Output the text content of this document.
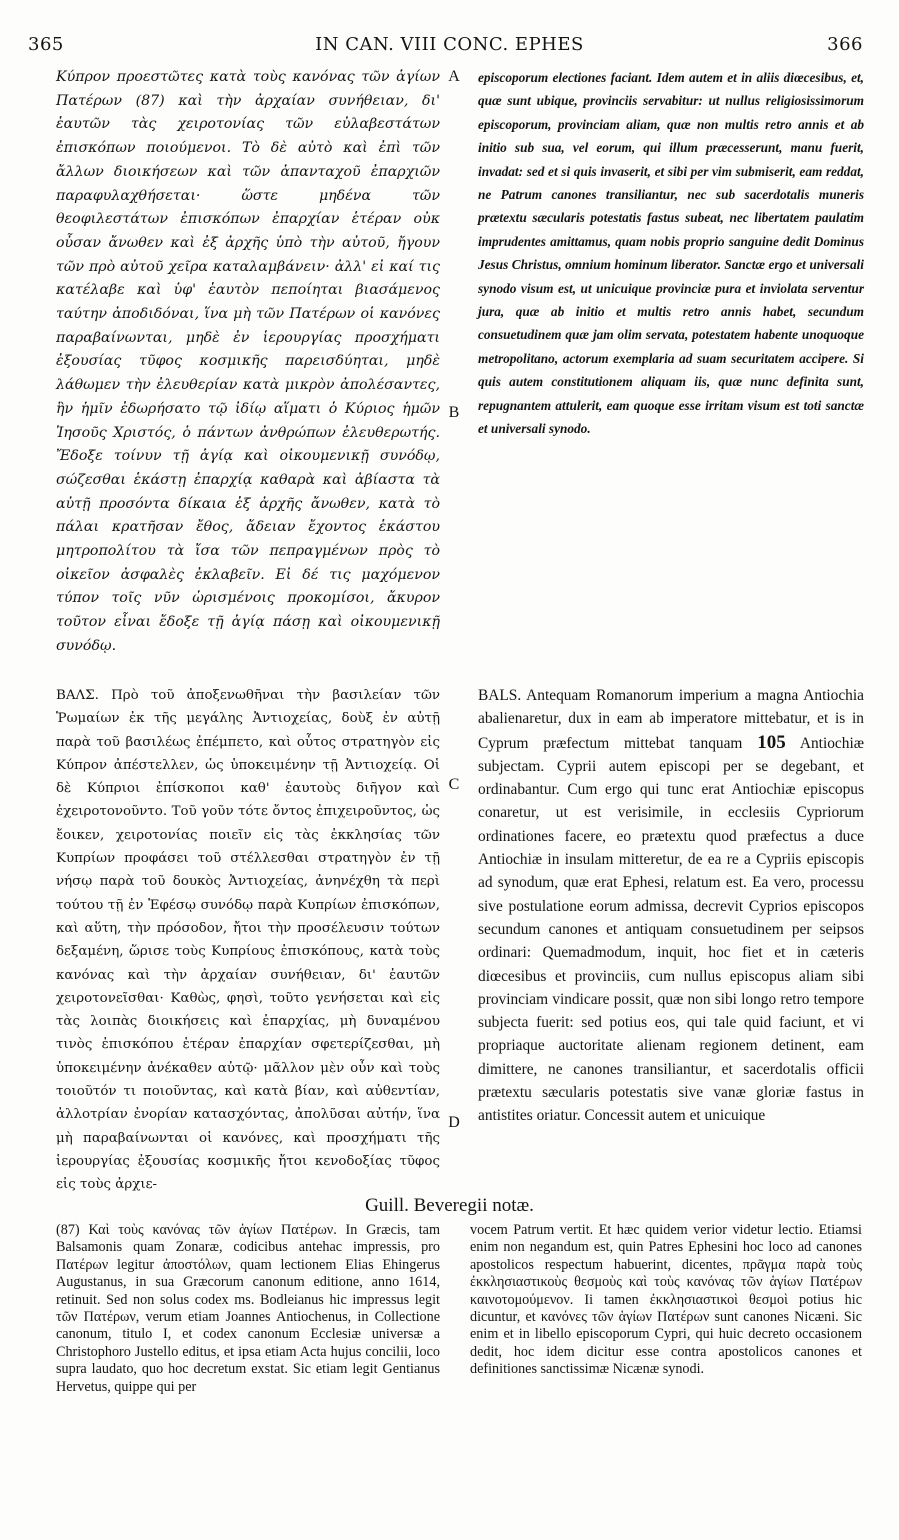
365	IN CAN. VIII CONC. EPHES	366

Κύπρον προεστῶτες κατὰ τοὺς κανόνας τῶν ἁγίων Πατέρων (87) καὶ τὴν ἀρχαίαν συνήθειαν, δι' ἑαυτῶν τὰς χειροτονίας τῶν εὐλαβεστάτων ἐπισκόπων ποιούμενοι. Τὸ δὲ αὐτὸ καὶ ἐπὶ τῶν ἄλλων διοικήσεων καὶ τῶν ἁπανταχοῦ ἐπαρχιῶν παραφυλαχθήσεται· ὥστε μηδένα τῶν θεοφιλεστάτων ἐπισκόπων ἐπαρχίαν ἑτέραν οὐκ οὖσαν ἄνωθεν καὶ ἐξ ἀρχῆς ὑπὸ τὴν αὐτοῦ, ἤγουν τῶν πρὸ αὐτοῦ χεῖρα καταλαμβάνειν· ἀλλ' εἰ καί τις κατέλαβε καὶ ὑφ' ἑαυτὸν πεποίηται βιασάμενος ταύτην ἀποδιδόναι, ἵνα μὴ τῶν Πατέρων οἱ κανόνες παραβαίνωνται, μηδὲ ἐν ἱερουργίας προσχήματι ἐξουσίας τῦφος κοσμικῆς παρεισδύηται, μηδὲ λάθωμεν τὴν ἐλευθερίαν κατὰ μικρὸν ἀπολέσαντες, ἣν ἡμῖν ἐδωρήσατο τῷ ἰδίῳ αἵματι ὁ Κύριος ἡμῶν Ἰησοῦς Χριστός, ὁ πάντων ἀνθρώπων ἐλευθερωτής. Ἔδοξε τοίνυν τῇ ἁγίᾳ καὶ οἰκουμενικῇ συνόδῳ, σώζεσθαι ἑκάστῃ ἐπαρχίᾳ καθαρὰ καὶ ἀβίαστα τὰ αὐτῇ προσόντα δίκαια ἐξ ἀρχῆς ἄνωθεν, κατὰ τὸ πάλαι κρατῆσαν ἔθος, ἄδειαν ἔχοντος ἑκάστου μητροπολίτου τὰ ἴσα τῶν πεπραγμένων πρὸς τὸ οἰκεῖον ἀσφαλὲς ἐκλαβεῖν. Εἰ δέ τις μαχόμενον τύπον τοῖς νῦν ὡρισμένοις προκομίσοι, ἄκυρον τοῦτον εἶναι ἔδοξε τῇ ἁγίᾳ πάσῃ καὶ οἰκουμενικῇ συνόδῳ.

episcoporum electiones faciant. Idem autem et in aliis diœcesibus, et, quæ sunt ubique, provinciis servabitur: ut nullus religiosissimorum episcoporum, provinciam aliam, quæ non multis retro annis et ab initio sub sua, vel eorum, qui illum præcesserunt, manu fuerit, invadat: sed et si quis invaserit, et sibi per vim submiserit, eam reddat, ne Patrum canones transiliantur, nec sub sacerdotalis muneris prætextu sæcularis potestatis fastus subeat, nec libertatem paulatim imprudentes amittamus, quam nobis proprio sanguine dedit Dominus Jesus Christus, omnium hominum liberator. Sanctæ ergo et universali synodo visum est, ut unicuique provinciæ pura et inviolata serventur jura, quæ ab initio et multis retro annis habet, secundum consuetudinem quæ jam olim servata, potestatem habente unoquoque metropolitano, actorum exemplaria ad suam securitatem accipere. Si quis autem constitutionem aliquam iis, quæ nunc definita sunt, repugnantem attulerit, eam quoque esse irritam visum est toti sanctæ et universali synodo.

ΒΑΛΣ. Πρὸ τοῦ ἀποξενωθῆναι τὴν βασιλείαν τῶν Ῥωμαίων ἐκ τῆς μεγάλης Ἀντιοχείας, δοὺξ ἐν αὐτῇ παρὰ τοῦ βασιλέως ἐπέμπετο, καὶ οὗτος στρατηγὸν εἰς Κύπρον ἀπέστελλεν, ὡς ὑποκειμένην τῇ Ἀντιοχείᾳ. Οἱ δὲ Κύπριοι ἐπίσκοποι καθ' ἑαυτοὺς διῆγον καὶ ἐχειροτονοῦντο. Τοῦ γοῦν τότε ὄντος ἐπιχειροῦντος, ὡς ἔοικεν, χειροτονίας ποιεῖν εἰς τὰς ἐκκλησίας τῶν Κυπρίων προφάσει τοῦ στέλλεσθαι στρατηγὸν ἐν τῇ νήσῳ παρὰ τοῦ δουκὸς Ἀντιοχείας, ἀνηνέχθη τὰ περὶ τούτου τῇ ἐν Ἐφέσῳ συνόδῳ παρὰ Κυπρίων ἐπισκόπων, καὶ αὕτη, τὴν πρόσοδον, ἤτοι τὴν προσέλευσιν τούτων δεξαμένη, ὥρισε τοὺς Κυπρίους ἐπισκόπους, κατὰ τοὺς κανόνας καὶ τὴν ἀρχαίαν συνήθειαν, δι' ἑαυτῶν χειροτονεῖσθαι· Καθὼς, φησὶ, τοῦτο γενήσεται καὶ εἰς τὰς λοιπὰς διοικήσεις καὶ ἐπαρχίας, μὴ δυναμένου τινὸς ἐπισκόπου ἑτέραν ἐπαρχίαν σφετερίζεσθαι, μὴ ὑποκειμένην ἀνέκαθεν αὐτῷ· μᾶλλον μὲν οὖν καὶ τοὺς τοιοῦτόν τι ποιοῦντας, καὶ κατὰ βίαν, καὶ αὐθεντίαν, ἀλλοτρίαν ἐνορίαν κατασχόντας, ἀπολῦσαι αὐτήν, ἵνα μὴ παραβαίνωνται οἱ κανόνες, καὶ προσχήματι τῆς ἱερουργίας ἐξουσίας κοσμικῆς ἤτοι κενοδοξίας τῦφος εἰς τοὺς ἀρχιε-

BALS. Antequam Romanorum imperium a magna Antiochia abalienaretur, dux in eam ab imperatore mittebatur, et is in Cyprum præfectum mittebat tanquam 105 Antiochiæ subjectam. Cyprii autem episcopi per se degebant, et ordinabantur. Cum ergo qui tunc erat Antiochiæ episcopus conaretur, ut est verisimile, in ecclesiis Cypriorum ordinationes facere, eo prætextu quod præfectus a duce Antiochiæ in insulam mitteretur, de ea re a Cypriis episcopis ad synodum, quæ erat Ephesi, relatum est. Ea vero, processu sive postulatione eorum admissa, decrevit Cyprios episcopos secundum canones et antiquam consuetudinem per seipsos ordinari: Quemadmodum, inquit, hoc fiet et in cæteris diœcesibus et provinciis, cum nullus episcopus aliam sibi provinciam vindicare possit, quæ non sibi longo retro tempore subjecta fuerit: sed potius eos, qui tale quid faciunt, et vi propriaque auctoritate alienam regionem detinent, eam dimittere, ne canones transiliantur, et sacerdotalis officii prætextu sæcularis potestatis sive vanæ gloriæ fastus in antistites oriatur. Concessit autem et unicuique

A
B
C
D
Guill. Beveregii notæ.

(87) Καὶ τοὺς κανόνας τῶν ἁγίων Πατέρων. In Græcis, tam Balsamonis quam Zonaræ, codicibus antehac impressis, pro Πατέρων legitur ἀποστόλων, quam lectionem Elias Ehingerus Augustanus, in sua Græcorum canonum editione, anno 1614, retinuit. Sed non solus codex ms. Bodleianus hic impressus legit τῶν Πατέρων, verum etiam Joannes Antiochenus, in Collectione canonum, titulo I, et codex canonum Ecclesiæ universæ a Christophoro Justello editus, et ipsa etiam Acta hujus concilii, loco supra laudato, quo hoc decretum exstat. Sic etiam legit Gentianus Hervetus, quippe qui per

vocem Patrum vertit. Et hæc quidem verior videtur lectio. Etiamsi enim non negandum est, quin Patres Ephesini hoc loco ad canones apostolicos respectum habuerint, dicentes, πρᾶγμα παρὰ τοὺς ἐκκλησιαστικοὺς θεσμοὺς καὶ τοὺς κανόνας τῶν ἁγίων Πατέρων καινοτομούμενον. Ii tamen ἐκκλησιαστικοὶ θεσμοὶ potius hic dicuntur, et κανόνες τῶν ἁγίων Πατέρων sunt canones Nicæni. Sic enim et in libello episcoporum Cypri, qui huic decreto occasionem dedit, hoc idem dicitur esse contra apostolicos canones et definitiones sanctissimæ Nicænæ synodi.
